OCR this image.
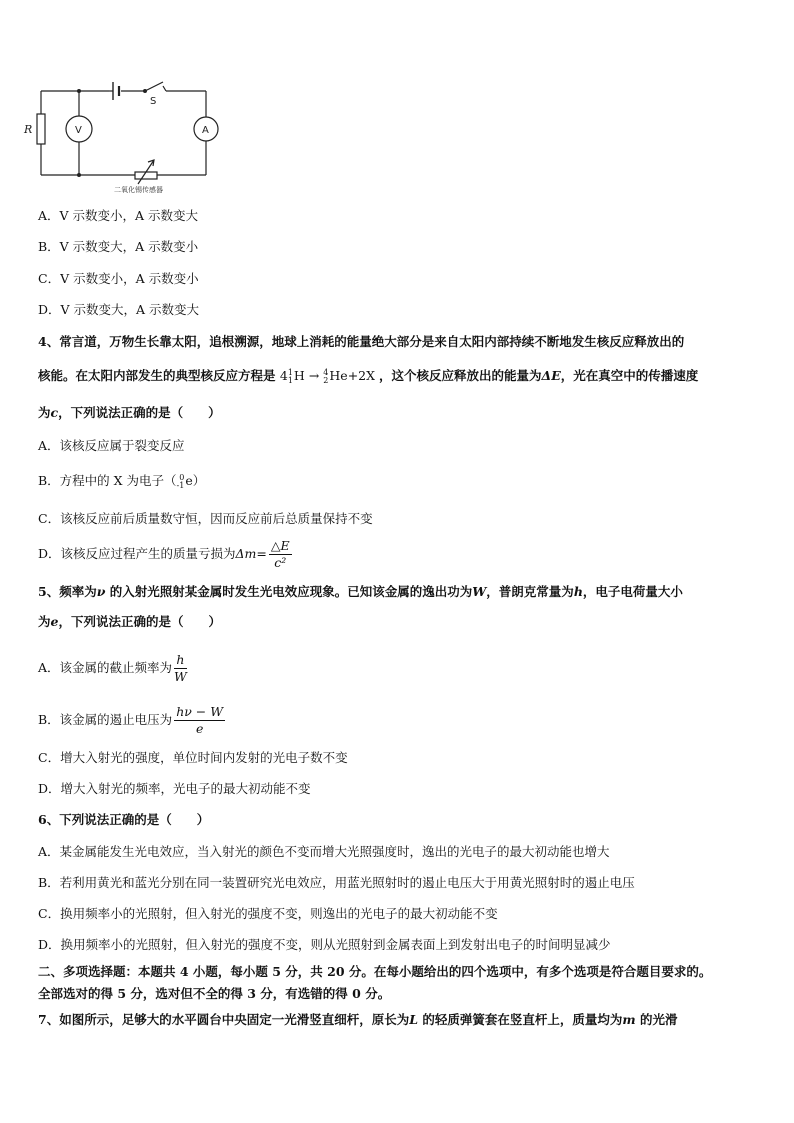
R	V	A
S
二氧化锡传感器
A．V 示数变小，A 示数变大
B．V 示数变大，A 示数变小
C．V 示数变小，A 示数变小
D．V 示数变大，A 示数变大
4、常言道，万物生长靠太阳，追根溯源，地球上消耗的能量绝大部分是来自太阳内部持续不断地发生核反应释放出的
核能。在太阳内部发生的典型核反应方程是 41
1H → 4
2He+2X ，这个核反应释放出的能量为ΔE，光在真空中的传播速度
为c，下列说法正确的是（　　）
A．该核反应属于裂变反应
B．方程中的 X 为电子（ 0
-1e）
C．该核反应前后质量数守恒，因而反应前后总质量保持不变
D．该核反应过程产生的质量亏损为$\Delta m= \frac{\triangle E}{\text{c²}}$
5、频率为ν 的入射光照射某金属时发生光电效应现象。已知该金属的逸出功为W，普朗克常量为h，电子电荷量大小
为e，下列说法正确的是（　　）
A．该金属的截止频率为 $\frac{h}{W}$
B．该金属的遏止电压为 $\frac{h\nu - W}{e}$
C．增大入射光的强度，单位时间内发射的光电子数不变
D．增大入射光的频率，光电子的最大初动能不变
6、下列说法正确的是（　　）
A．某金属能发生光电效应，当入射光的颜色不变而增大光照强度时，逸出的光电子的最大初动能也增大
B．若利用黄光和蓝光分别在同一装置研究光电效应，用蓝光照射时的遏止电压大于用黄光照射时的遏止电压
C．换用频率小的光照射，但入射光的强度不变，则逸出的光电子的最大初动能不变
D．换用频率小的光照射，但入射光的强度不变，则从光照射到金属表面上到发射出电子的时间明显减少
二、多项选择题：本题共 4 小题，每小题 5 分，共 20 分。在每小题给出的四个选项中，有多个选项是符合题目要求的。
全部选对的得 5 分，选对但不全的得 3 分，有选错的得 0 分。
7、如图所示，足够大的水平圆台中央固定一光滑竖直细杆，原长为L 的轻质弹簧套在竖直杆上，质量均为m 的光滑
